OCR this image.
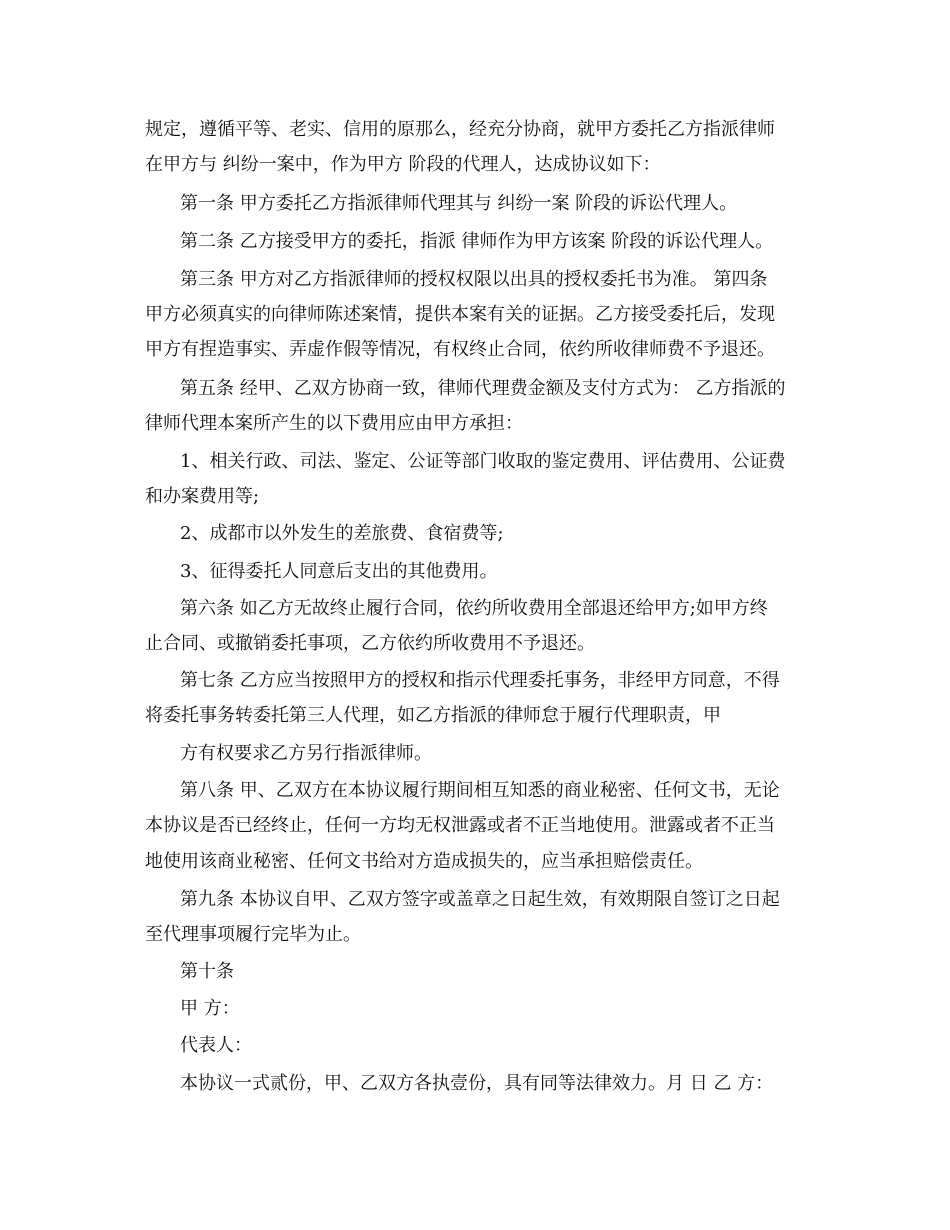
规定，遵循平等、老实、信用的原那么，经充分协商，就甲方委托乙方指派律师
在甲方与 纠纷一案中，作为甲方 阶段的代理人，达成协议如下：
第一条 甲方委托乙方指派律师代理其与 纠纷一案 阶段的诉讼代理人。
第二条 乙方接受甲方的委托，指派 律师作为甲方该案 阶段的诉讼代理人。
第三条 甲方对乙方指派律师的授权权限以出具的授权委托书为准。 第四条
甲方必须真实的向律师陈述案情，提供本案有关的证据。乙方接受委托后，发现
甲方有捏造事实、弄虚作假等情况，有权终止合同，依约所收律师费不予退还。
第五条 经甲、乙双方协商一致，律师代理费金额及支付方式为： 乙方指派的
律师代理本案所产生的以下费用应由甲方承担：
1、相关行政、司法、鉴定、公证等部门收取的鉴定费用、评估费用、公证费
和办案费用等;
2、成都市以外发生的差旅费、食宿费等;
3、征得委托人同意后支出的其他费用。
第六条 如乙方无故终止履行合同，依约所收费用全部退还给甲方;如甲方终
止合同、或撤销委托事项，乙方依约所收费用不予退还。
第七条 乙方应当按照甲方的授权和指示代理委托事务，非经甲方同意，不得
将委托事务转委托第三人代理，如乙方指派的律师怠于履行代理职责，甲
方有权要求乙方另行指派律师。
第八条 甲、乙双方在本协议履行期间相互知悉的商业秘密、任何文书，无论
本协议是否已经终止，任何一方均无权泄露或者不正当地使用。泄露或者不正当
地使用该商业秘密、任何文书给对方造成损失的，应当承担赔偿责任。
第九条 本协议自甲、乙双方签字或盖章之日起生效，有效期限自签订之日起
至代理事项履行完毕为止。
第十条
甲 方：
代表人：
本协议一式贰份，甲、乙双方各执壹份，具有同等法律效力。月 日 乙 方：
